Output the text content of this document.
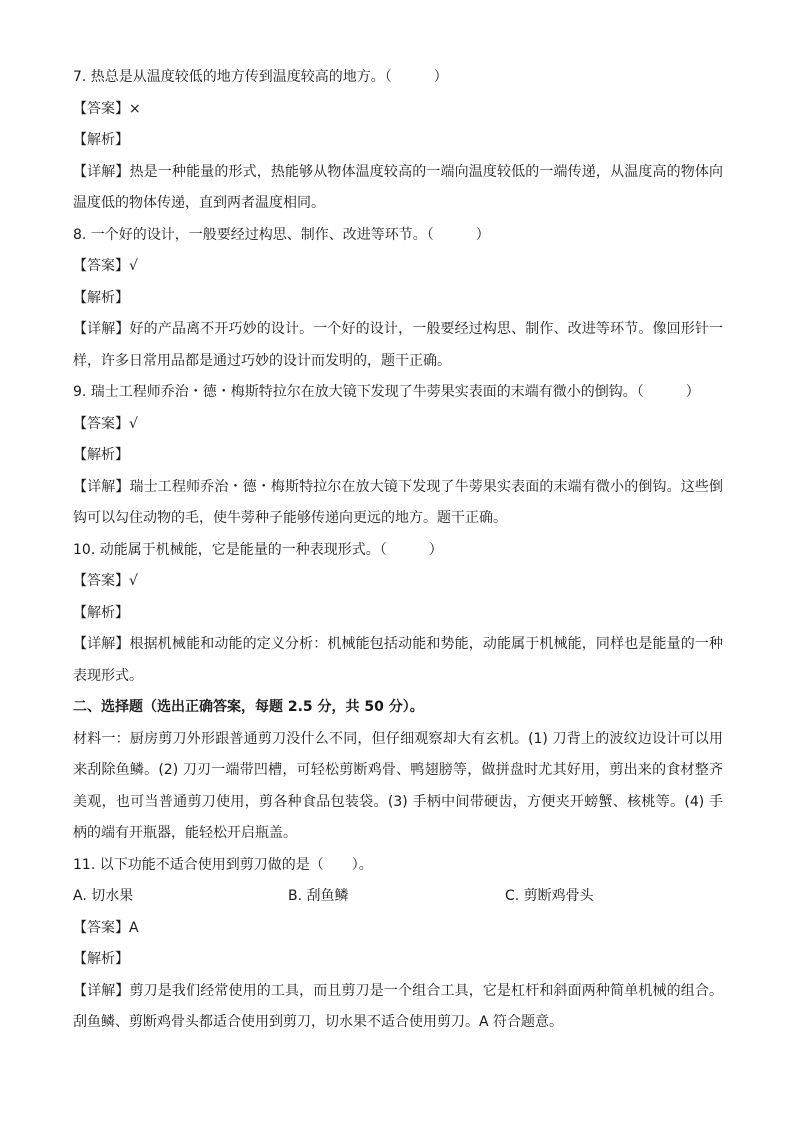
7. 热总是从温度较低的地方传到温度较高的地方。（　　　）

【答案】×

【解析】

【详解】热是一种能量的形式，热能够从物体温度较高的一端向温度较低的一端传递，从温度高的物体向温度低的物体传递，直到两者温度相同。

8. 一个好的设计，一般要经过构思、制作、改进等环节。（　　　）

【答案】√

【解析】

【详解】好的产品离不开巧妙的设计。一个好的设计，一般要经过构思、制作、改进等环节。像回形针一样，许多日常用品都是通过巧妙的设计而发明的，题干正确。

9. 瑞士工程师乔治・德・梅斯特拉尔在放大镜下发现了牛蒡果实表面的末端有微小的倒钩。（　　　）

【答案】√

【解析】

【详解】瑞士工程师乔治・德・梅斯特拉尔在放大镜下发现了牛蒡果实表面的末端有微小的倒钩。这些倒钩可以勾住动物的毛，使牛蒡种子能够传递向更远的地方。题干正确。

10. 动能属于机械能，它是能量的一种表现形式。（　　　）

【答案】√

【解析】

【详解】根据机械能和动能的定义分析：机械能包括动能和势能，动能属于机械能，同样也是能量的一种表现形式。

二、选择题（选出正确答案，每题 2.5 分，共 50 分）。

材料一：厨房剪刀外形跟普通剪刀没什么不同，但仔细观察却大有玄机。(1) 刀背上的波纹边设计可以用来刮除鱼鳞。(2) 刀刃一端带凹槽，可轻松剪断鸡骨、鸭翅膀等，做拼盘时尤其好用，剪出来的食材整齐美观，也可当普通剪刀使用，剪各种食品包装袋。(3) 手柄中间带硬齿，方便夹开螃蟹、核桃等。(4) 手柄的端有开瓶器，能轻松开启瓶盖。

11. 以下功能不适合使用到剪刀做的是（　　）。

A. 切水果	B. 刮鱼鳞	C. 剪断鸡骨头

【答案】A

【解析】

【详解】剪刀是我们经常使用的工具，而且剪刀是一个组合工具，它是杠杆和斜面两种简单机械的组合。刮鱼鳞、剪断鸡骨头都适合使用到剪刀，切水果不适合使用剪刀。A 符合题意。
